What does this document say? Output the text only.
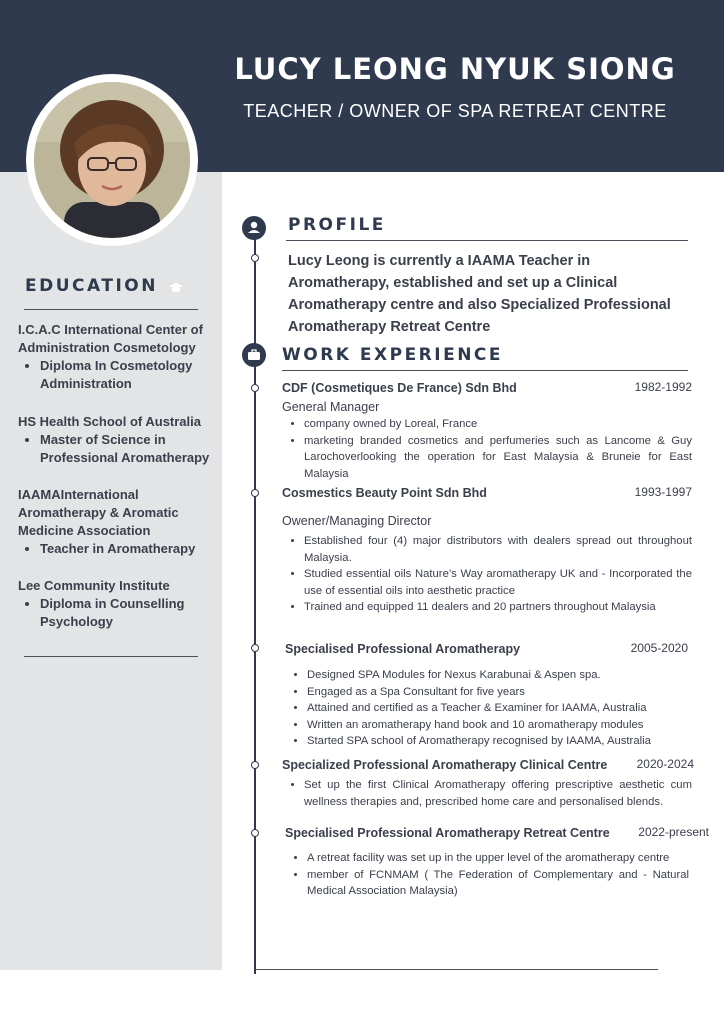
LUCY LEONG NYUK SIONG
TEACHER / OWNER OF SPA RETREAT CENTRE
EDUCATION

I.C.A.C International Center of Administration Cosmetology

• Diploma In Cosmetology Administration

HS Health School of Australia

• Master of Science in Professional Aromatherapy

IAAMAInternational Aromatherapy & Aromatic Medicine Association

• Teacher in Aromatherapy

Lee Community Institute

• Diploma in Counselling Psychology
PROFILE
Lucy Leong is currently a IAAMA Teacher in Aromatherapy, established and set up a Clinical Aromatherapy centre and also Specialized Professional Aromatherapy Retreat Centre
WORK EXPERIENCE
CDF (Cosmetiques De France) Sdn Bhd	1982-1992
General Manager
• company owned by Loreal, France
• marketing branded cosmetics and perfumeries such as Lancome & Guy Larochoverlooking the operation for East Malaysia & Bruneie for East Malaysia
Cosmestics Beauty Point Sdn Bhd	1993-1997
Owener/Managing Director
• Established four (4) major distributors with dealers spread out throughout Malaysia.
• Studied essential oils Nature’s Way aromatherapy UK and - Incorporated the use of essential oils into aesthetic practice
• Trained and equipped 11 dealers and 20 partners throughout Malaysia
Specialised Professional Aromatherapy	2005-2020
• Designed SPA Modules for Nexus Karabunai & Aspen spa.
• Engaged as a Spa Consultant for five years
• Attained and certified as a Teacher & Examiner for IAAMA, Australia
• Written an aromatherapy hand book and 10 aromatherapy modules
• Started SPA school of Aromatherapy recognised by IAAMA, Australia
Specialized Professional Aromatherapy Clinical Centre 2020-2024
• Set up the first Clinical Aromatherapy offering prescriptive aesthetic cum wellness therapies and, prescribed home care and personalised blends.
Specialised Professional Aromatherapy Retreat Centre 2022-present
• A retreat facility was set up in the upper level of the aromatherapy centre
• member of FCNMAM ( The Federation of Complementary and - Natural Medical Association Malaysia)
